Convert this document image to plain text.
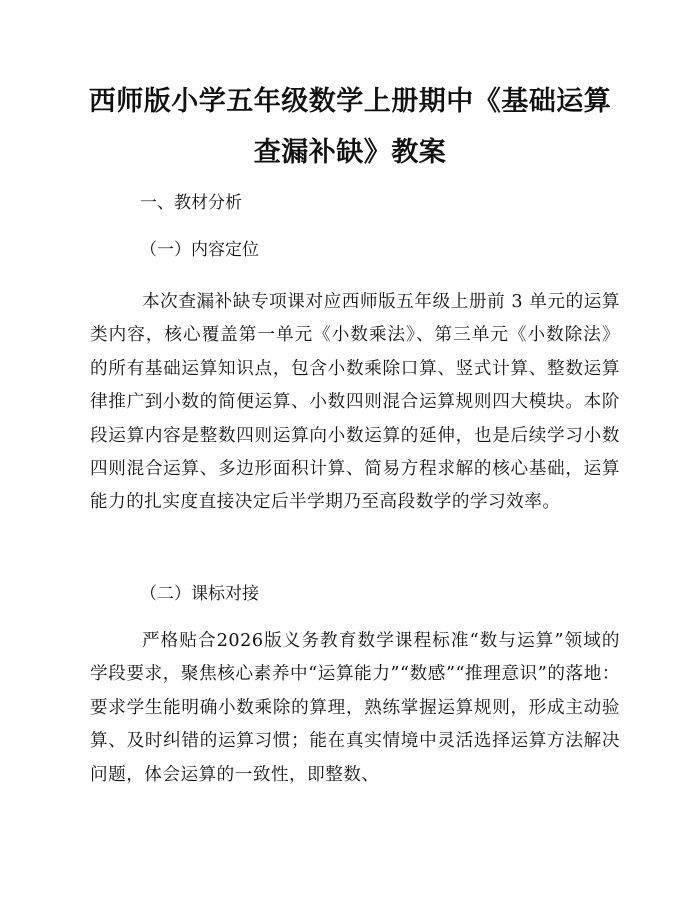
西师版小学五年级数学上册期中《基础运算
查漏补缺》教案
一、教材分析
（一）内容定位

本次查漏补缺专项课对应西师版五年级上册前 3 单元的运算类内容，核心覆盖第一单元《小数乘法》、第三单元《小数除法》的所有基础运算知识点，包含小数乘除口算、竖式计算、整数运算律推广到小数的简便运算、小数四则混合运算规则四大模块。本阶段运算内容是整数四则运算向小数运算的延伸，也是后续学习小数四则混合运算、多边形面积计算、简易方程求解的核心基础，运算能力的扎实度直接决定后半学期乃至高段数学的学习效率。

（二）课标对接

严格贴合2026版义务教育数学课程标准“数与运算”领域的学段要求，聚焦核心素养中“运算能力”“数感”“推理意识”的落地：要求学生能明确小数乘除的算理，熟练掌握运算规则，形成主动验算、及时纠错的运算习惯；能在真实情境中灵活选择运算方法解决问题，体会运算的一致性，即整数、
